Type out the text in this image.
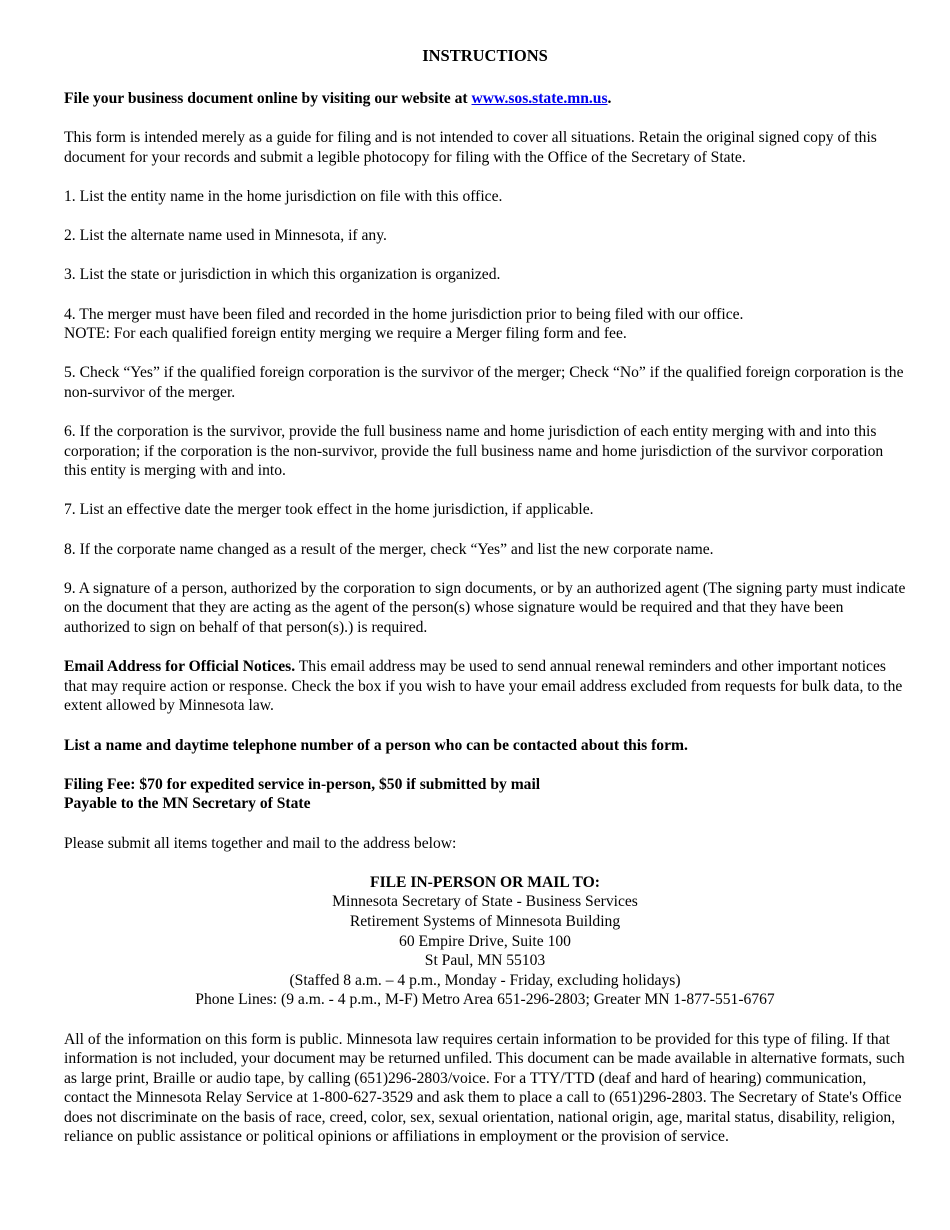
INSTRUCTIONS

File your business document online by visiting our website at www.sos.state.mn.us.

This form is intended merely as a guide for filing and is not intended to cover all situations. Retain the original signed copy of this document for your records and submit a legible photocopy for filing with the Office of the Secretary of State.

1. List the entity name in the home jurisdiction on file with this office.

2. List the alternate name used in Minnesota, if any.

3. List the state or jurisdiction in which this organization is organized.

4. The merger must have been filed and recorded in the home jurisdiction prior to being filed with our office.
NOTE: For each qualified foreign entity merging we require a Merger filing form and fee.

5. Check “Yes” if the qualified foreign corporation is the survivor of the merger; Check “No” if the qualified foreign corporation is the non-survivor of the merger.

6. If the corporation is the survivor, provide the full business name and home jurisdiction of each entity merging with and into this corporation; if the corporation is the non-survivor, provide the full business name and home jurisdiction of the survivor corporation this entity is merging with and into.

7. List an effective date the merger took effect in the home jurisdiction, if applicable.

8. If the corporate name changed as a result of the merger, check “Yes” and list the new corporate name.

9. A signature of a person, authorized by the corporation to sign documents, or by an authorized agent (The signing party must indicate on the document that they are acting as the agent of the person(s) whose signature would be required and that they have been authorized to sign on behalf of that person(s).) is required.

Email Address for Official Notices. This email address may be used to send annual renewal reminders and other important notices that may require action or response. Check the box if you wish to have your email address excluded from requests for bulk data, to the extent allowed by Minnesota law.

List a name and daytime telephone number of a person who can be contacted about this form.

Filing Fee: $70 for expedited service in-person, $50 if submitted by mail
Payable to the MN Secretary of State

Please submit all items together and mail to the address below:

FILE IN-PERSON OR MAIL TO:
Minnesota Secretary of State - Business Services
Retirement Systems of Minnesota Building
60 Empire Drive, Suite 100
St Paul, MN 55103
(Staffed 8 a.m. – 4 p.m., Monday - Friday, excluding holidays)
Phone Lines: (9 a.m. - 4 p.m., M-F) Metro Area 651-296-2803; Greater MN 1-877-551-6767

All of the information on this form is public. Minnesota law requires certain information to be provided for this type of filing. If that information is not included, your document may be returned unfiled. This document can be made available in alternative formats, such as large print, Braille or audio tape, by calling (651)296-2803/voice. For a TTY/TTD (deaf and hard of hearing) communication, contact the Minnesota Relay Service at 1-800-627-3529 and ask them to place a call to (651)296-2803. The Secretary of State's Office does not discriminate on the basis of race, creed, color, sex, sexual orientation, national origin, age, marital status, disability, religion, reliance on public assistance or political opinions or affiliations in employment or the provision of service.
